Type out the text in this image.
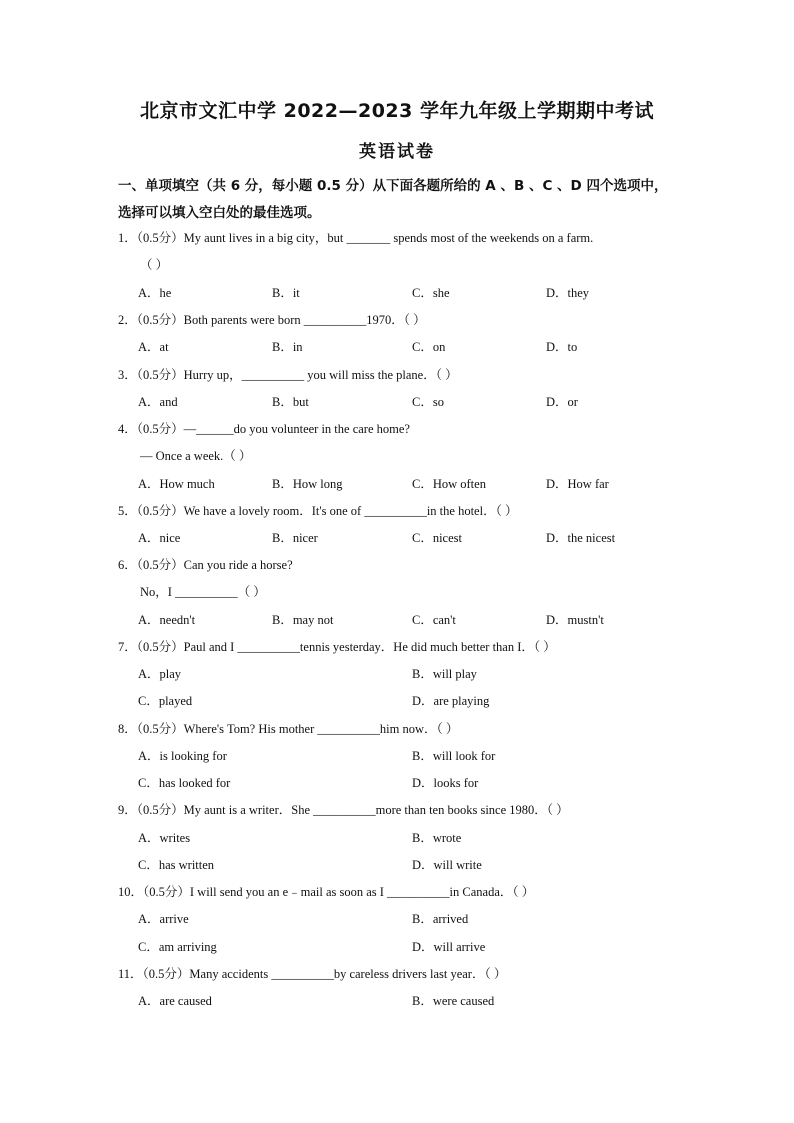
北京市文汇中学 2022—2023 学年九年级上学期期中考试
英语试卷
一、单项填空（共 6 分，每小题 0.5 分）从下面各题所给的 A 、B 、C 、D 四个选项中，选择可以填入空白处的最佳选项。
1．（0.5分）My aunt lives in a big city，but _______ spends most of the weekends on a farm.
（ ）
A．he	B．it	C．she	D．they
2．（0.5分）Both parents were born __________1970．（ ）
A．at	B．in	C．on	D．to
3．（0.5分）Hurry up，__________ you will miss the plane．（ ）
A．and	B．but	C．so	D．or
4．（0.5分）—______do you volunteer in the care home?
— Once a week.（ ）
A．How much	B．How long	C．How often	D．How far
5．（0.5分）We have a lovely room．It's one of __________in the hotel．（ ）
A．nice	B．nicer	C．nicest	D．the nicest
6．（0.5分）Can you ride a horse?
No，I __________（ ）
A．needn't	B．may not	C．can't	D．mustn't
7．（0.5分）Paul and I __________tennis yesterday．He did much better than I．（ ）
A．play	B．will play
C．played	D．are playing
8．（0.5分）Where's Tom? His mother __________him now．（ ）
A．is looking for	B．will look for
C．has looked for	D．looks for
9．（0.5分）My aunt is a writer．She __________more than ten books since 1980．（ ）
A．writes	B．wrote
C．has written	D．will write
10．（0.5分）I will send you an e﹣mail as soon as I __________in Canada．（ ）
A．arrive	B．arrived
C．am arriving	D．will arrive
11．（0.5分）Many accidents __________by careless drivers last year．（ ）
A．are caused	B．were caused
